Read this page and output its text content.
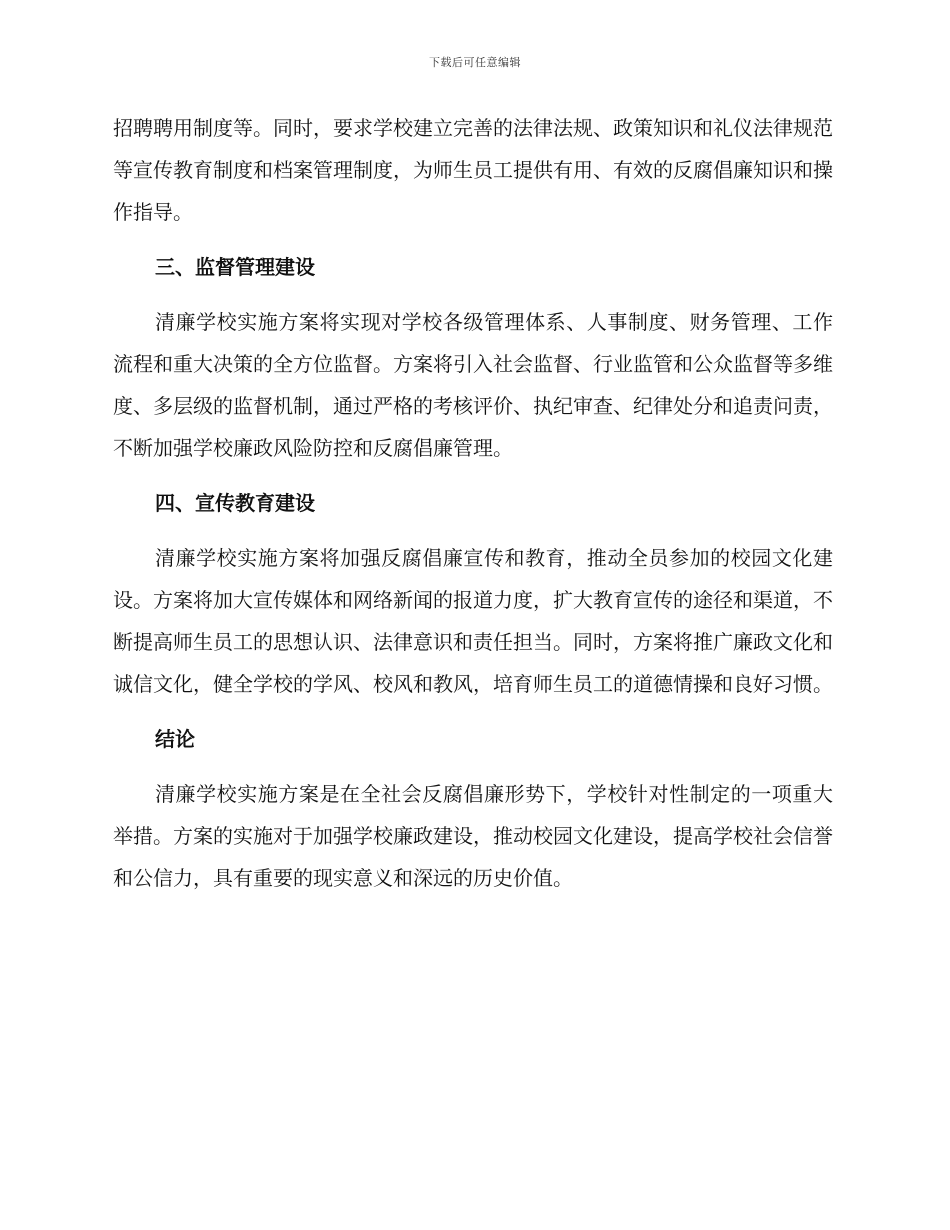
下载后可任意编辑

招聘聘用制度等。同时，要求学校建立完善的法律法规、政策知识和礼仪法律规范等宣传教育制度和档案管理制度，为师生员工提供有用、有效的反腐倡廉知识和操作指导。

三、监督管理建设

清廉学校实施方案将实现对学校各级管理体系、人事制度、财务管理、工作流程和重大决策的全方位监督。方案将引入社会监督、行业监管和公众监督等多维度、多层级的监督机制，通过严格的考核评价、执纪审查、纪律处分和追责问责，不断加强学校廉政风险防控和反腐倡廉管理。

四、宣传教育建设

清廉学校实施方案将加强反腐倡廉宣传和教育，推动全员参加的校园文化建设。方案将加大宣传媒体和网络新闻的报道力度，扩大教育宣传的途径和渠道，不断提高师生员工的思想认识、法律意识和责任担当。同时，方案将推广廉政文化和诚信文化，健全学校的学风、校风和教风，培育师生员工的道德情操和良好习惯。

结论

清廉学校实施方案是在全社会反腐倡廉形势下，学校针对性制定的一项重大举措。方案的实施对于加强学校廉政建设，推动校园文化建设，提高学校社会信誉和公信力，具有重要的现实意义和深远的历史价值。
